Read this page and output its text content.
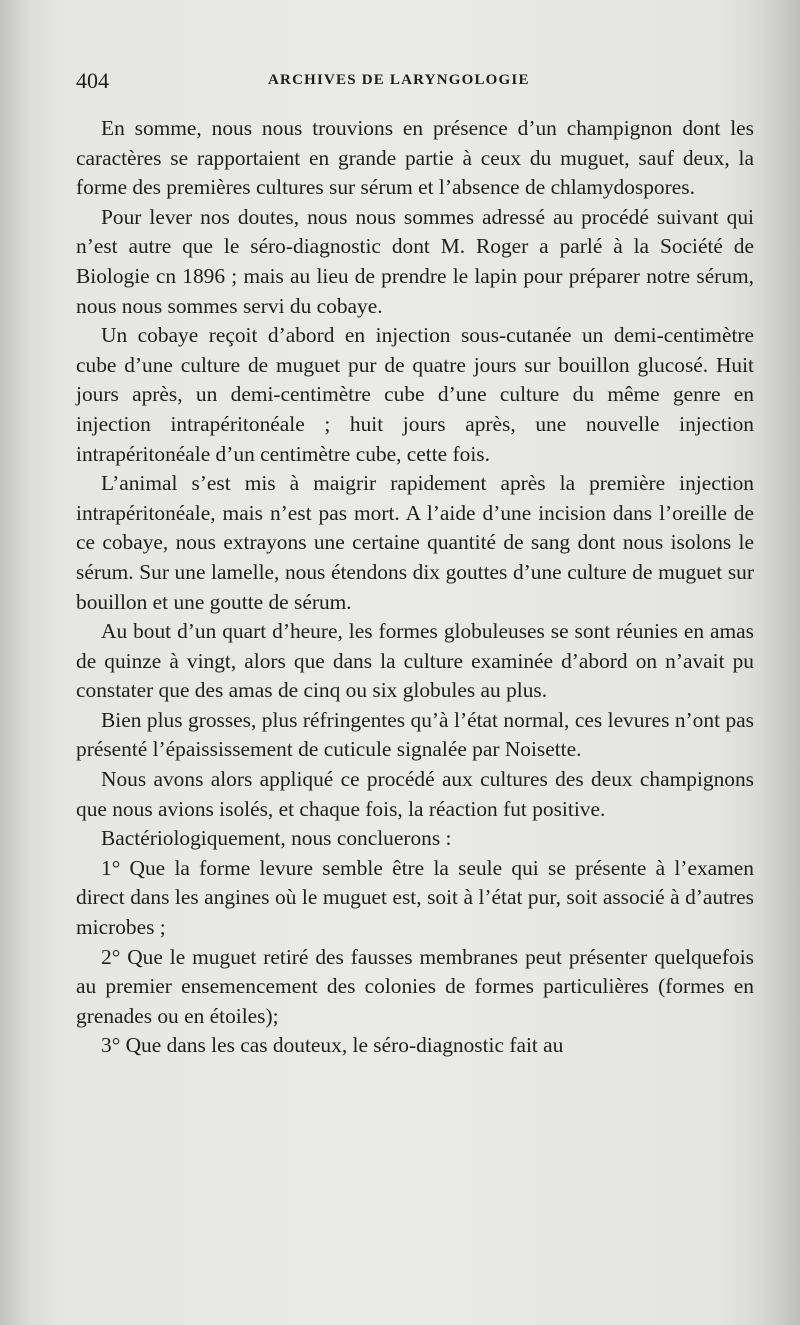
404	ARCHIVES DE LARYNGOLOGIE

En somme, nous nous trouvions en présence d’un champignon dont les caractères se rapportaient en grande partie à ceux du muguet, sauf deux, la forme des premières cultures sur sérum et l’absence de chlamydospores.

Pour lever nos doutes, nous nous sommes adressé au procédé suivant qui n’est autre que le séro-diagnostic dont M. Roger a parlé à la Société de Biologie cn 1896 ; mais au lieu de prendre le lapin pour préparer notre sérum, nous nous sommes servi du cobaye.

Un cobaye reçoit d’abord en injection sous-cutanée un demi-centimètre cube d’une culture de muguet pur de quatre jours sur bouillon glucosé. Huit jours après, un demi-centimètre cube d’une culture du même genre en injection intrapéritonéale ; huit jours après, une nouvelle injection intrapéritonéale d’un centimètre cube, cette fois.

L’animal s’est mis à maigrir rapidement après la première injection intrapéritonéale, mais n’est pas mort. A l’aide d’une incision dans l’oreille de ce cobaye, nous extrayons une certaine quantité de sang dont nous isolons le sérum. Sur une lamelle, nous étendons dix gouttes d’une culture de muguet sur bouillon et une goutte de sérum.

Au bout d’un quart d’heure, les formes globuleuses se sont réunies en amas de quinze à vingt, alors que dans la culture examinée d’abord on n’avait pu constater que des amas de cinq ou six globules au plus.

Bien plus grosses, plus réfringentes qu’à l’état normal, ces levures n’ont pas présenté l’épaississement de cuticule signalée par Noisette.

Nous avons alors appliqué ce procédé aux cultures des deux champignons que nous avions isolés, et chaque fois, la réaction fut positive.

Bactériologiquement, nous concluerons :

1° Que la forme levure semble être la seule qui se présente à l’examen direct dans les angines où le muguet est, soit à l’état pur, soit associé à d’autres microbes ;

2° Que le muguet retiré des fausses membranes peut présenter quelquefois au premier ensemencement des colonies de formes particulières (formes en grenades ou en étoiles);

3° Que dans les cas douteux, le séro-diagnostic fait au
